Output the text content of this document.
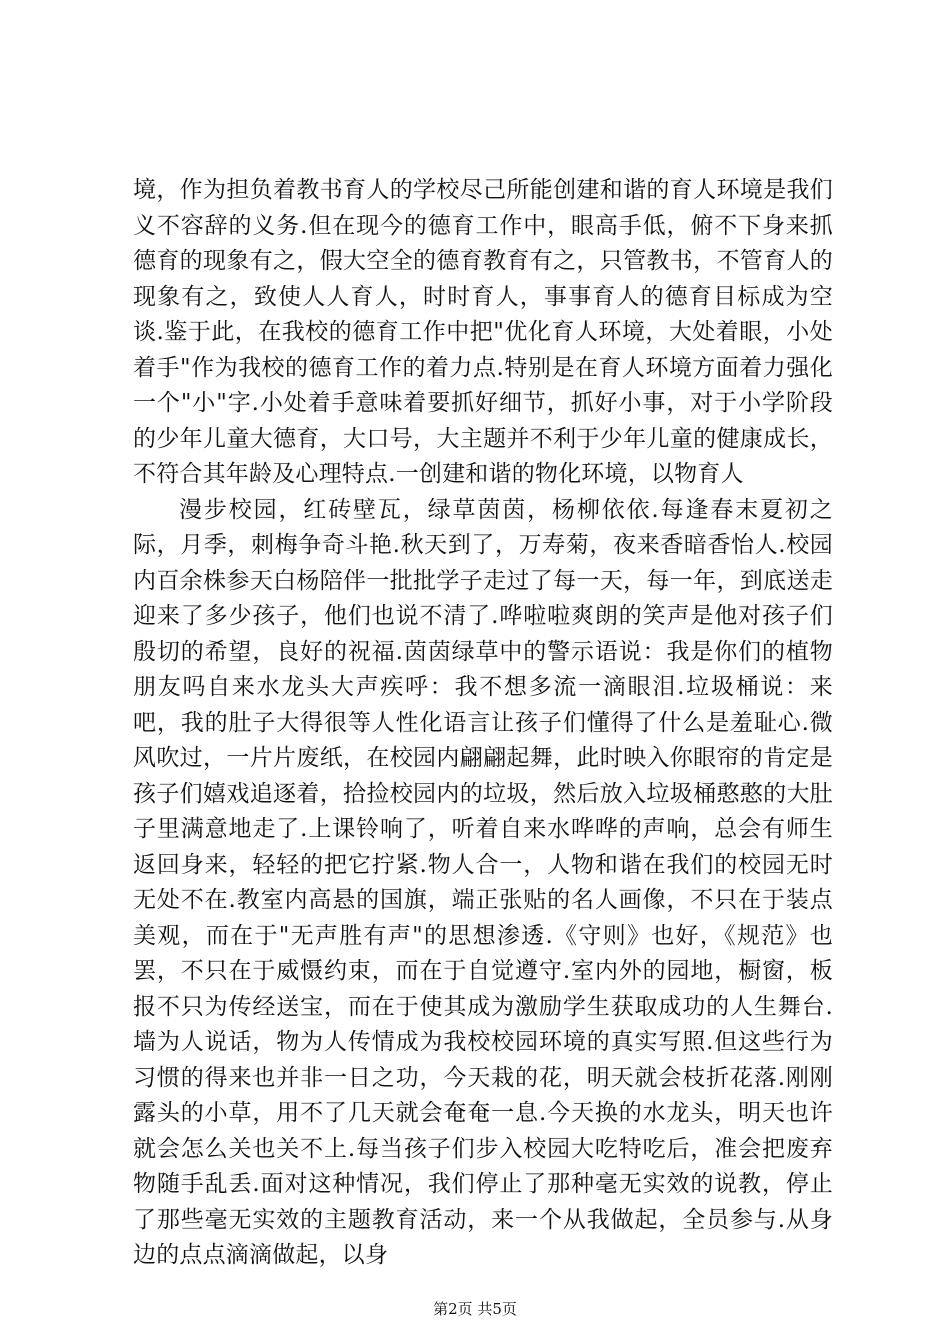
境，作为担负着教书育人的学校尽己所能创建和谐的育人环境是我们义不容辞的义务.但在现今的德育工作中，眼高手低，俯不下身来抓德育的现象有之，假大空全的德育教育有之，只管教书，不管育人的现象有之，致使人人育人，时时育人，事事育人的德育目标成为空谈.鉴于此，在我校的德育工作中把"优化育人环境，大处着眼，小处着手"作为我校的德育工作的着力点.特别是在育人环境方面着力强化一个"小"字.小处着手意味着要抓好细节，抓好小事，对于小学阶段的少年儿童大德育，大口号，大主题并不利于少年儿童的健康成长，不符合其年龄及心理特点.一创建和谐的物化环境，以物育人

漫步校园，红砖壁瓦，绿草茵茵，杨柳依依.每逢春末夏初之际，月季，刺梅争奇斗艳.秋天到了，万寿菊，夜来香暗香怡人.校园内百余株参天白杨陪伴一批批学子走过了每一天，每一年，到底送走迎来了多少孩子，他们也说不清了.哗啦啦爽朗的笑声是他对孩子们殷切的希望，良好的祝福.茵茵绿草中的警示语说：我是你们的植物朋友吗自来水龙头大声疾呼：我不想多流一滴眼泪.垃圾桶说：来吧，我的肚子大得很等人性化语言让孩子们懂得了什么是羞耻心.微风吹过，一片片废纸，在校园内翩翩起舞，此时映入你眼帘的肯定是孩子们嬉戏追逐着，拾捡校园内的垃圾，然后放入垃圾桶憨憨的大肚子里满意地走了.上课铃响了，听着自来水哗哗的声响，总会有师生返回身来，轻轻的把它拧紧.物人合一，人物和谐在我们的校园无时无处不在.教室内高悬的国旗，端正张贴的名人画像，不只在于装点美观，而在于"无声胜有声"的思想渗透.《守则》也好，《规范》也罢，不只在于威慑约束，而在于自觉遵守.室内外的园地，橱窗，板报不只为传经送宝，而在于使其成为激励学生获取成功的人生舞台.墙为人说话，物为人传情成为我校校园环境的真实写照.但这些行为习惯的得来也并非一日之功，今天栽的花，明天就会枝折花落.刚刚露头的小草，用不了几天就会奄奄一息.今天换的水龙头，明天也许就会怎么关也关不上.每当孩子们步入校园大吃特吃后，准会把废弃物随手乱丢.面对这种情况，我们停止了那种毫无实效的说教，停止了那些毫无实效的主题教育活动，来一个从我做起，全员参与.从身边的点点滴滴做起，以身

第2页 共5页
